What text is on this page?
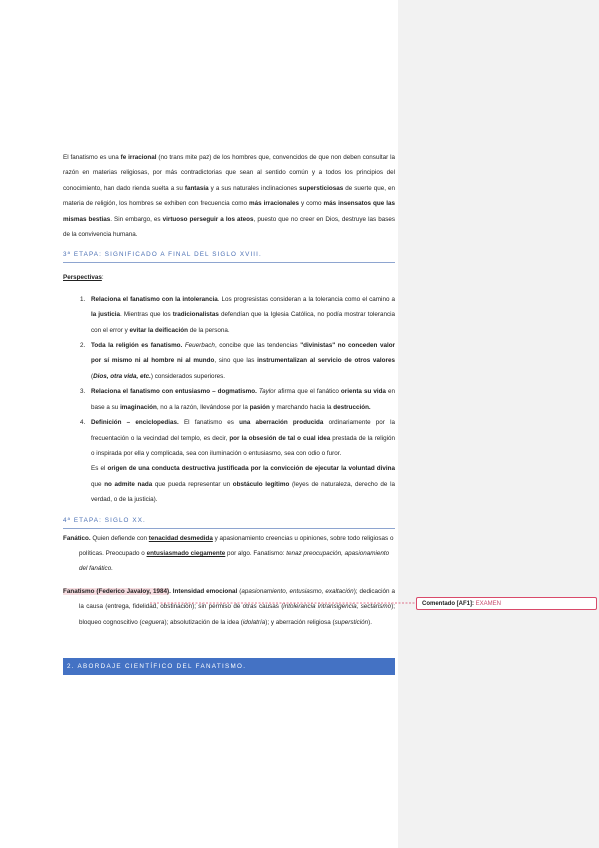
El fanatismo es una fe irracional (no trans mite paz) de los hombres que, convencidos de que non deben consultar la razón en materias religiosas, por más contradictorias que sean al sentido común y a todos los principios del conocimiento, han dado rienda suelta a su fantasía y a sus naturales inclinaciones supersticiosas de suerte que, en materia de religión, los hombres se exhiben con frecuencia como más irracionales y como más insensatos que las mismas bestias. Sin embargo, es virtuoso perseguir a los ateos, puesto que no creer en Dios, destruye las bases de la convivencia humana.

3ª ETAPA: SIGNIFICADO A FINAL DEL SIGLO XVIII.

Perspectivas:

1. Relaciona el fanatismo con la intolerancia. Los progresistas consideran a la tolerancia como el camino a la justicia. Mientras que los tradicionalistas defendían que la Iglesia Católica, no podía mostrar tolerancia con el error y evitar la deificación de la persona.
2. Toda la religión es fanatismo. Feuerbach, concibe que las tendencias "divinistas" no conceden valor por sí mismo ni al hombre ni al mundo, sino que las instrumentalizan al servicio de otros valores (Dios, otra vida, etc.) considerados superiores.
3. Relaciona el fanatismo con entusiasmo – dogmatismo. Taylor afirma que el fanático orienta su vida en base a su imaginación, no a la razón, llevándose por la pasión y marchando hacia la destrucción.
4. Definición – enciclopedias. El fanatismo es una aberración producida ordinariamente por la frecuentación o la vecindad del templo, es decir, por la obsesión de tal o cual idea prestada de la religión o inspirada por ella y complicada, sea con iluminación o entusiasmo, sea con odio o furor.

Es el origen de una conducta destructiva justificada por la convicción de ejecutar la voluntad divina que no admite nada que pueda representar un obstáculo legítimo (leyes de naturaleza, derecho de la verdad, o de la justicia).

4ª ETAPA: SIGLO XX.

Fanático. Quien defiende con tenacidad desmedida y apasionamiento creencias u opiniones, sobre todo religiosas o políticas. Preocupado o entusiasmado ciegamente por algo. Fanatismo: tenaz preocupación, apasionamiento del fanático.

Fanatismo (Federico Javaloy, 1984). Intensidad emocional (apasionamiento, entusiasmo, exaltación); dedicación a la causa (entrega, fidelidad, obstinación); sin permiso de otras causas (intolerancia intransigencia, sectarismo); bloqueo cognoscitivo (ceguera); absolutización de la idea (idolatría); y aberración religiosa (superstición).

2. ABORDAJE CIENTÍFICO DEL FANATISMO.
Comentado [AF1]: EXAMEN
